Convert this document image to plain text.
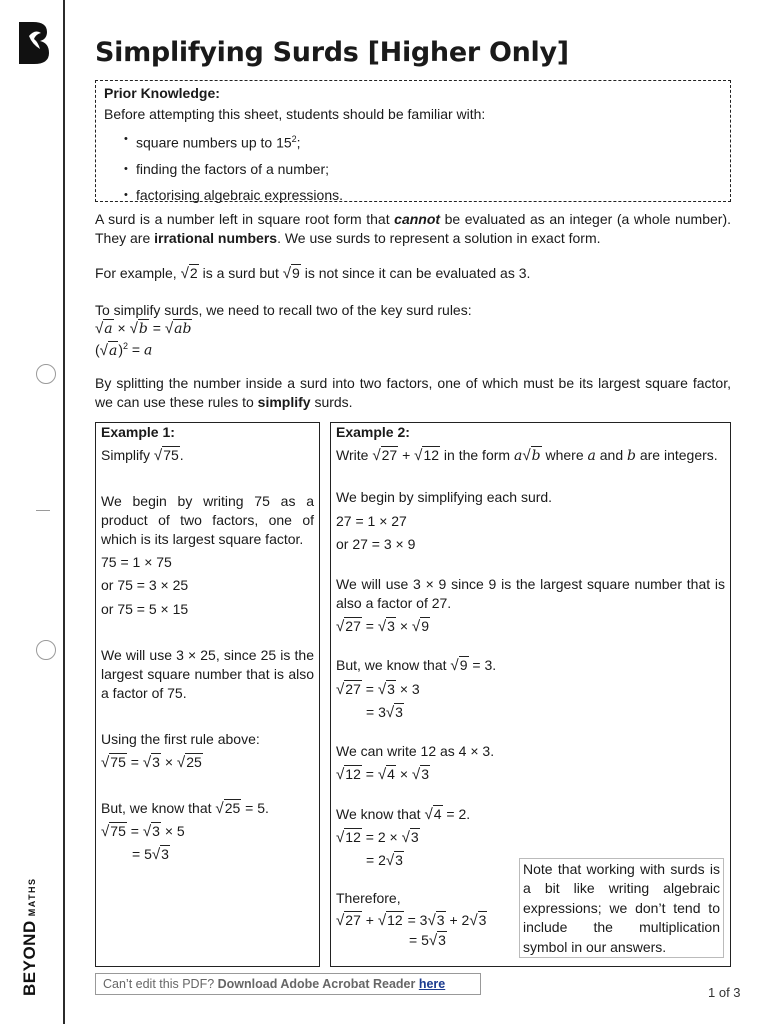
BEYONDMATHS
Simplifying Surds [Higher Only]
Prior Knowledge:
Before attempting this sheet, students should be familiar with:
• square numbers up to $15^2$;
• finding the factors of a number;
• factorising algebraic expressions.
A surd is a number left in square root form that cannot be evaluated as an integer (a whole number). They are irrational numbers. We use surds to represent a solution in exact form.
For example, √2 is a surd but √9 is not since it can be evaluated as 3.
To simplify surds, we need to recall two of the key surd rules:
√a × √b = √ab
$(√a)^2 = a$
By splitting the number inside a surd into two factors, one of which must be its largest square factor, we can use these rules to simplify surds.
Example 1:
Simplify √75.
We begin by writing 75 as a product of two factors, one of which is its largest square factor.
75 = 1 × 75
or 75 = 3 × 25
or 75 = 5 × 15
We will use 3 × 25, since 25 is the largest square number that is also a factor of 75.
Using the first rule above:
√75 = √3 × √25
But, we know that √25 = 5.
√75 = √3 × 5
= 5√3
Example 2:
Write √27 + √12 in the form a√b where a and b are integers.
We begin by simplifying each surd.
27 = 1 × 27
or 27 = 3 × 9
We will use 3 × 9 since 9 is the largest square number that is also a factor of 27.
√27 = √3 × √9
But, we know that √9 = 3.
√27 = √3 × 3
= 3√3
We can write 12 as 4 × 3.
√12 = √4 × √3
We know that √4 = 2.
√12 = 2 × √3
= 2√3
Therefore,
√27 + √12 = 3√3 + 2√3
= 5√3
Note that working with surds is a bit like writing algebraic expressions; we don’t tend to include the multiplication symbol in our answers.
Can’t edit this PDF? Download Adobe Acrobat Reader here
1 of 3
